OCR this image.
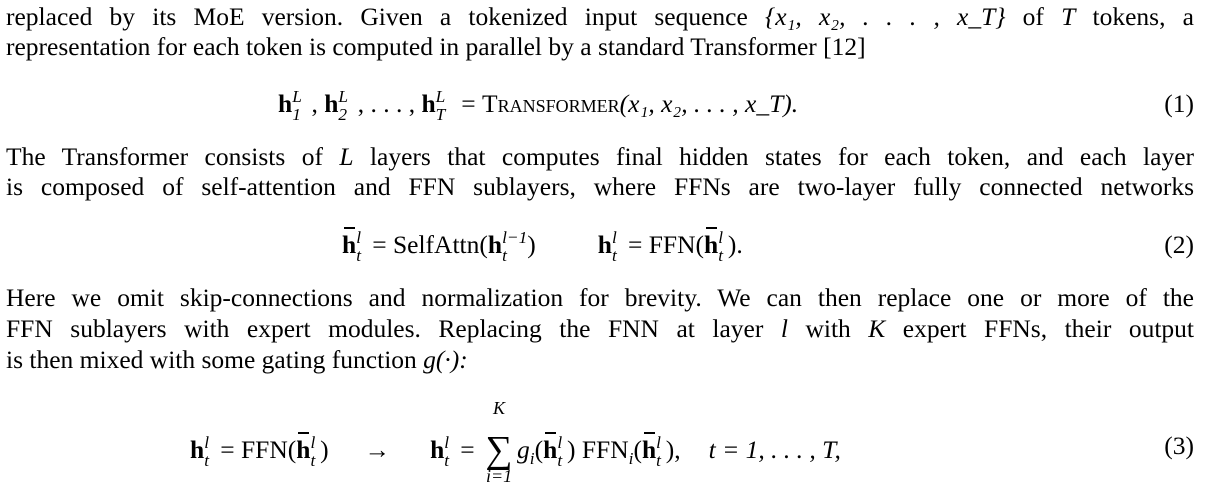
replaced by its MoE version. Given a tokenized input sequence {x₁, x₂, . . . , x_T} of T tokens, a
representation for each token is computed in parallel by a standard Transformer [12]
h L
1 , h L
2 , . . . , h L
T = Transformer(x₁, x₂, . . . , x_T).	(1)
The Transformer consists of L layers that computes final hidden states for each token, and each layer
is composed of self-attention and FFN sublayers, where FFNs are two-layer fully connected networks
h l
t = SelfAttn(h l−1
t ) h l
t = FFN(h l
t ).	(2)
Here we omit skip-connections and normalization for brevity. We can then replace one or more of the
FFN sublayers with expert modules. Replacing the FNN at layer l with K expert FFNs, their output
is then mixed with some gating function g(·):
h l
t = FFN(h l
t ) → h l
t =
K
∑
i=1
$g_i(h$ l
t ) $FFN_i(h$ l
t ), t = 1, . . . , T,	(3)
